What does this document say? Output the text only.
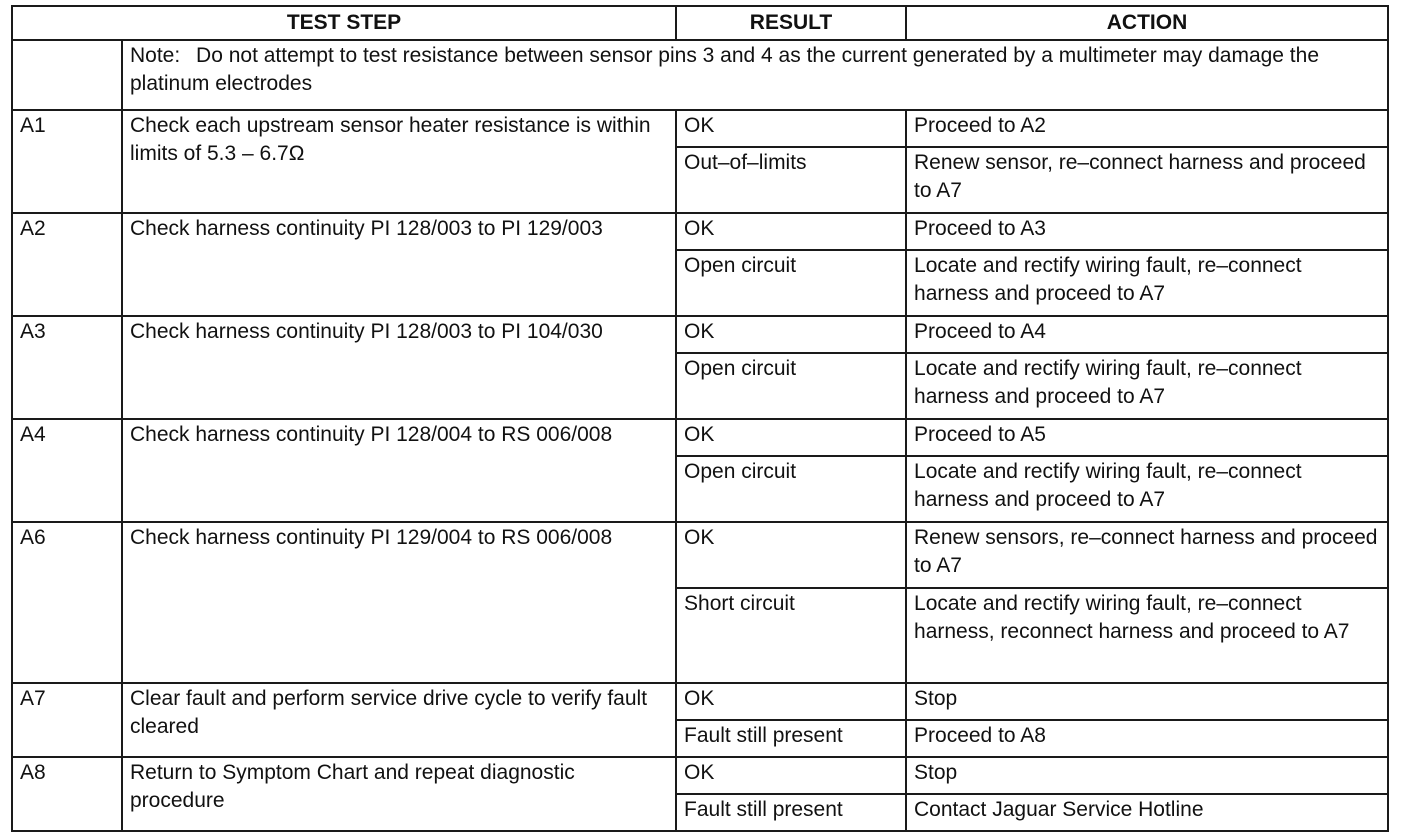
TEST STEP		RESULT	ACTION
	Note: Do not attempt to test resistance between sensor pins 3 and 4 as the current generated by a multimeter may damage the platinum electrodes		
A1	Check each upstream sensor heater resistance is within limits of 5.3 – 6.7Ω	OK	Proceed to A2
		Out–of–limits	Renew sensor, re–connect harness and proceed to A7
A2	Check harness continuity PI 128/003 to PI 129/003	OK	Proceed to A3
		Open circuit	Locate and rectify wiring fault, re–connect harness and proceed to A7
A3	Check harness continuity PI 128/003 to PI 104/030	OK	Proceed to A4
		Open circuit	Locate and rectify wiring fault, re–connect harness and proceed to A7
A4	Check harness continuity PI 128/004 to RS 006/008	OK	Proceed to A5
		Open circuit	Locate and rectify wiring fault, re–connect harness and proceed to A7
A6	Check harness continuity PI 129/004 to RS 006/008	OK	Renew sensors, re–connect harness and proceed to A7
		Short circuit	Locate and rectify wiring fault, re–connect harness, reconnect harness and proceed to A7
A7	Clear fault and perform service drive cycle to verify fault cleared	OK	Stop
		Fault still present	Proceed to A8
A8	Return to Symptom Chart and repeat diagnostic procedure	OK	Stop
		Fault still present	Contact Jaguar Service Hotline
